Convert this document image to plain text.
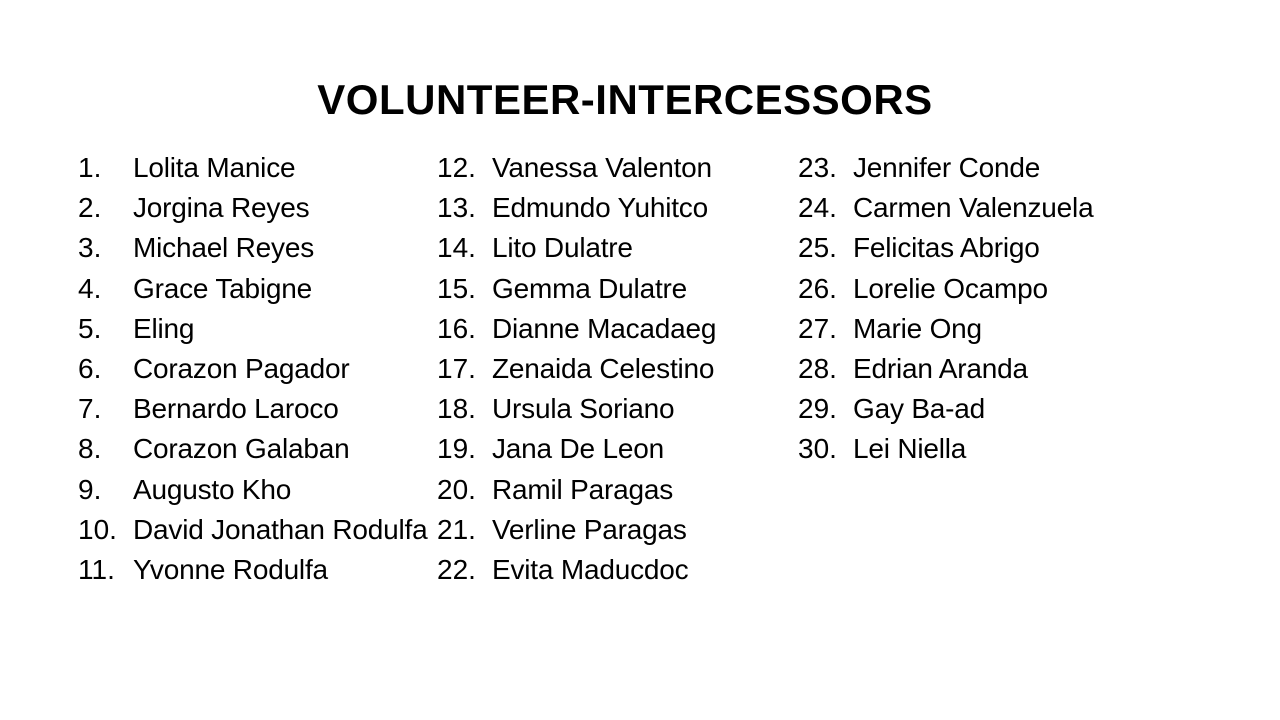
VOLUNTEER-INTERCESSORS
1.	Lolita Manice
2.	Jorgina Reyes
3.	Michael Reyes
4.	Grace Tabigne
5.	Eling
6.	Corazon Pagador
7.	Bernardo Laroco
8.	Corazon Galaban
9.	Augusto Kho
10. David Jonathan Rodulfa
11. Yvonne Rodulfa
12. Vanessa Valenton
13. Edmundo Yuhitco
14. Lito Dulatre
15. Gemma Dulatre
16. Dianne Macadaeg
17. Zenaida Celestino
18. Ursula Soriano
19. Jana De Leon
20. Ramil Paragas
21. Verline Paragas
22. Evita Maducdoc
23. Jennifer Conde
24. Carmen Valenzuela
25. Felicitas Abrigo
26. Lorelie Ocampo
27. Marie Ong
28. Edrian Aranda
29. Gay Ba-ad
30. Lei Niella
